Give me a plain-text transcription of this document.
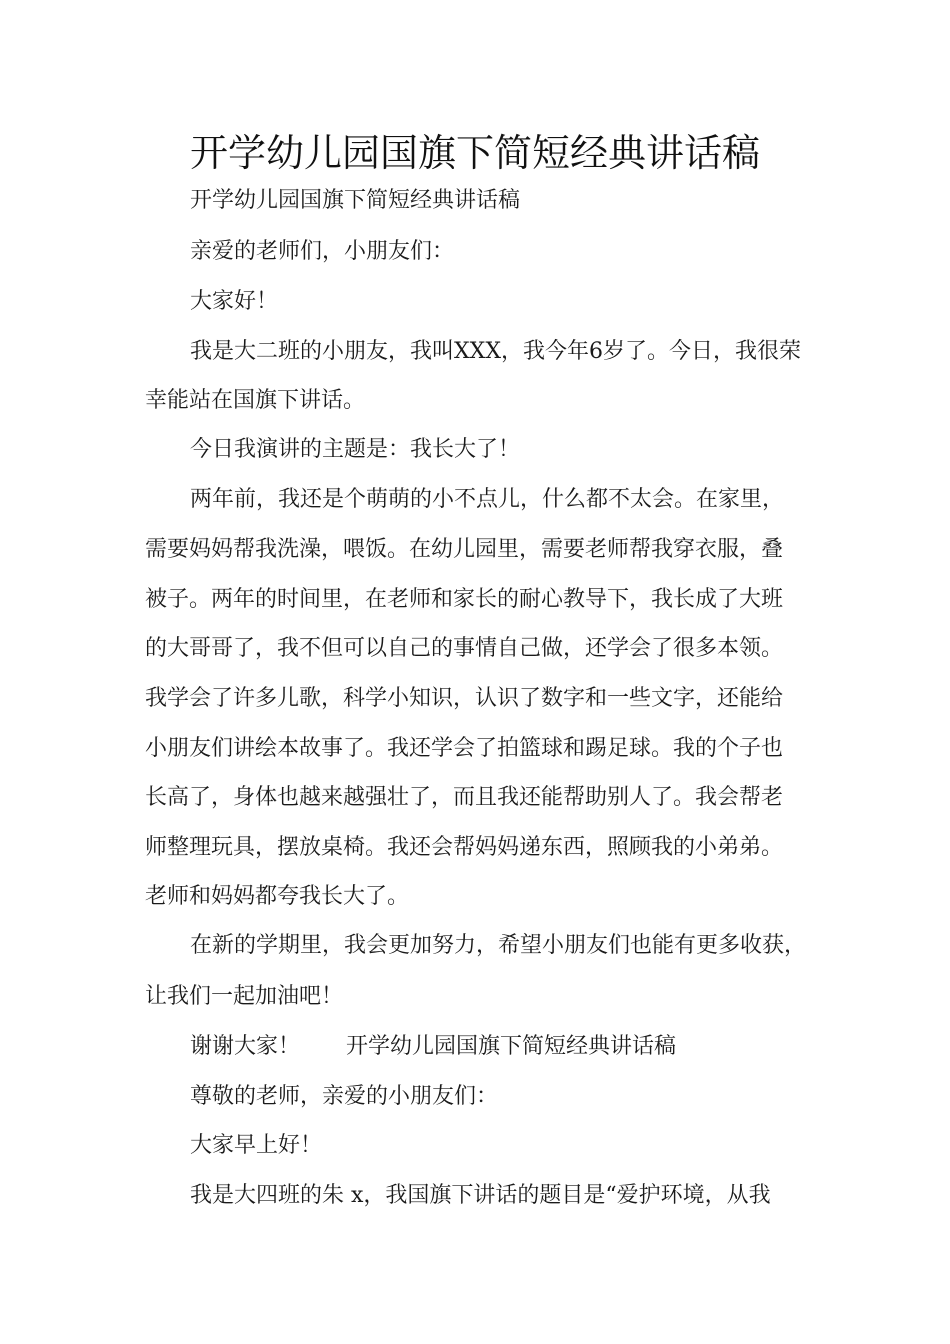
开学幼儿园国旗下简短经典讲话稿
开学幼儿园国旗下简短经典讲话稿
亲爱的老师们，小朋友们：
大家好！
我是大二班的小朋友，我叫XXX，我今年6岁了。今日，我很荣
幸能站在国旗下讲话。
今日我演讲的主题是：我长大了！
两年前，我还是个萌萌的小不点儿，什么都不太会。在家里，
需要妈妈帮我洗澡，喂饭。在幼儿园里，需要老师帮我穿衣服，叠
被子。两年的时间里，在老师和家长的耐心教导下，我长成了大班
的大哥哥了，我不但可以自己的事情自己做，还学会了很多本领。
我学会了许多儿歌，科学小知识，认识了数字和一些文字，还能给
小朋友们讲绘本故事了。我还学会了拍篮球和踢足球。我的个子也
长高了，身体也越来越强壮了，而且我还能帮助别人了。我会帮老
师整理玩具，摆放桌椅。我还会帮妈妈递东西，照顾我的小弟弟。
老师和妈妈都夸我长大了。
在新的学期里，我会更加努力，希望小朋友们也能有更多收获，
让我们一起加油吧！
谢谢大家！ 开学幼儿园国旗下简短经典讲话稿
尊敬的老师，亲爱的小朋友们：
大家早上好！
我是大四班的朱 x，我国旗下讲话的题目是“爱护环境，从我
